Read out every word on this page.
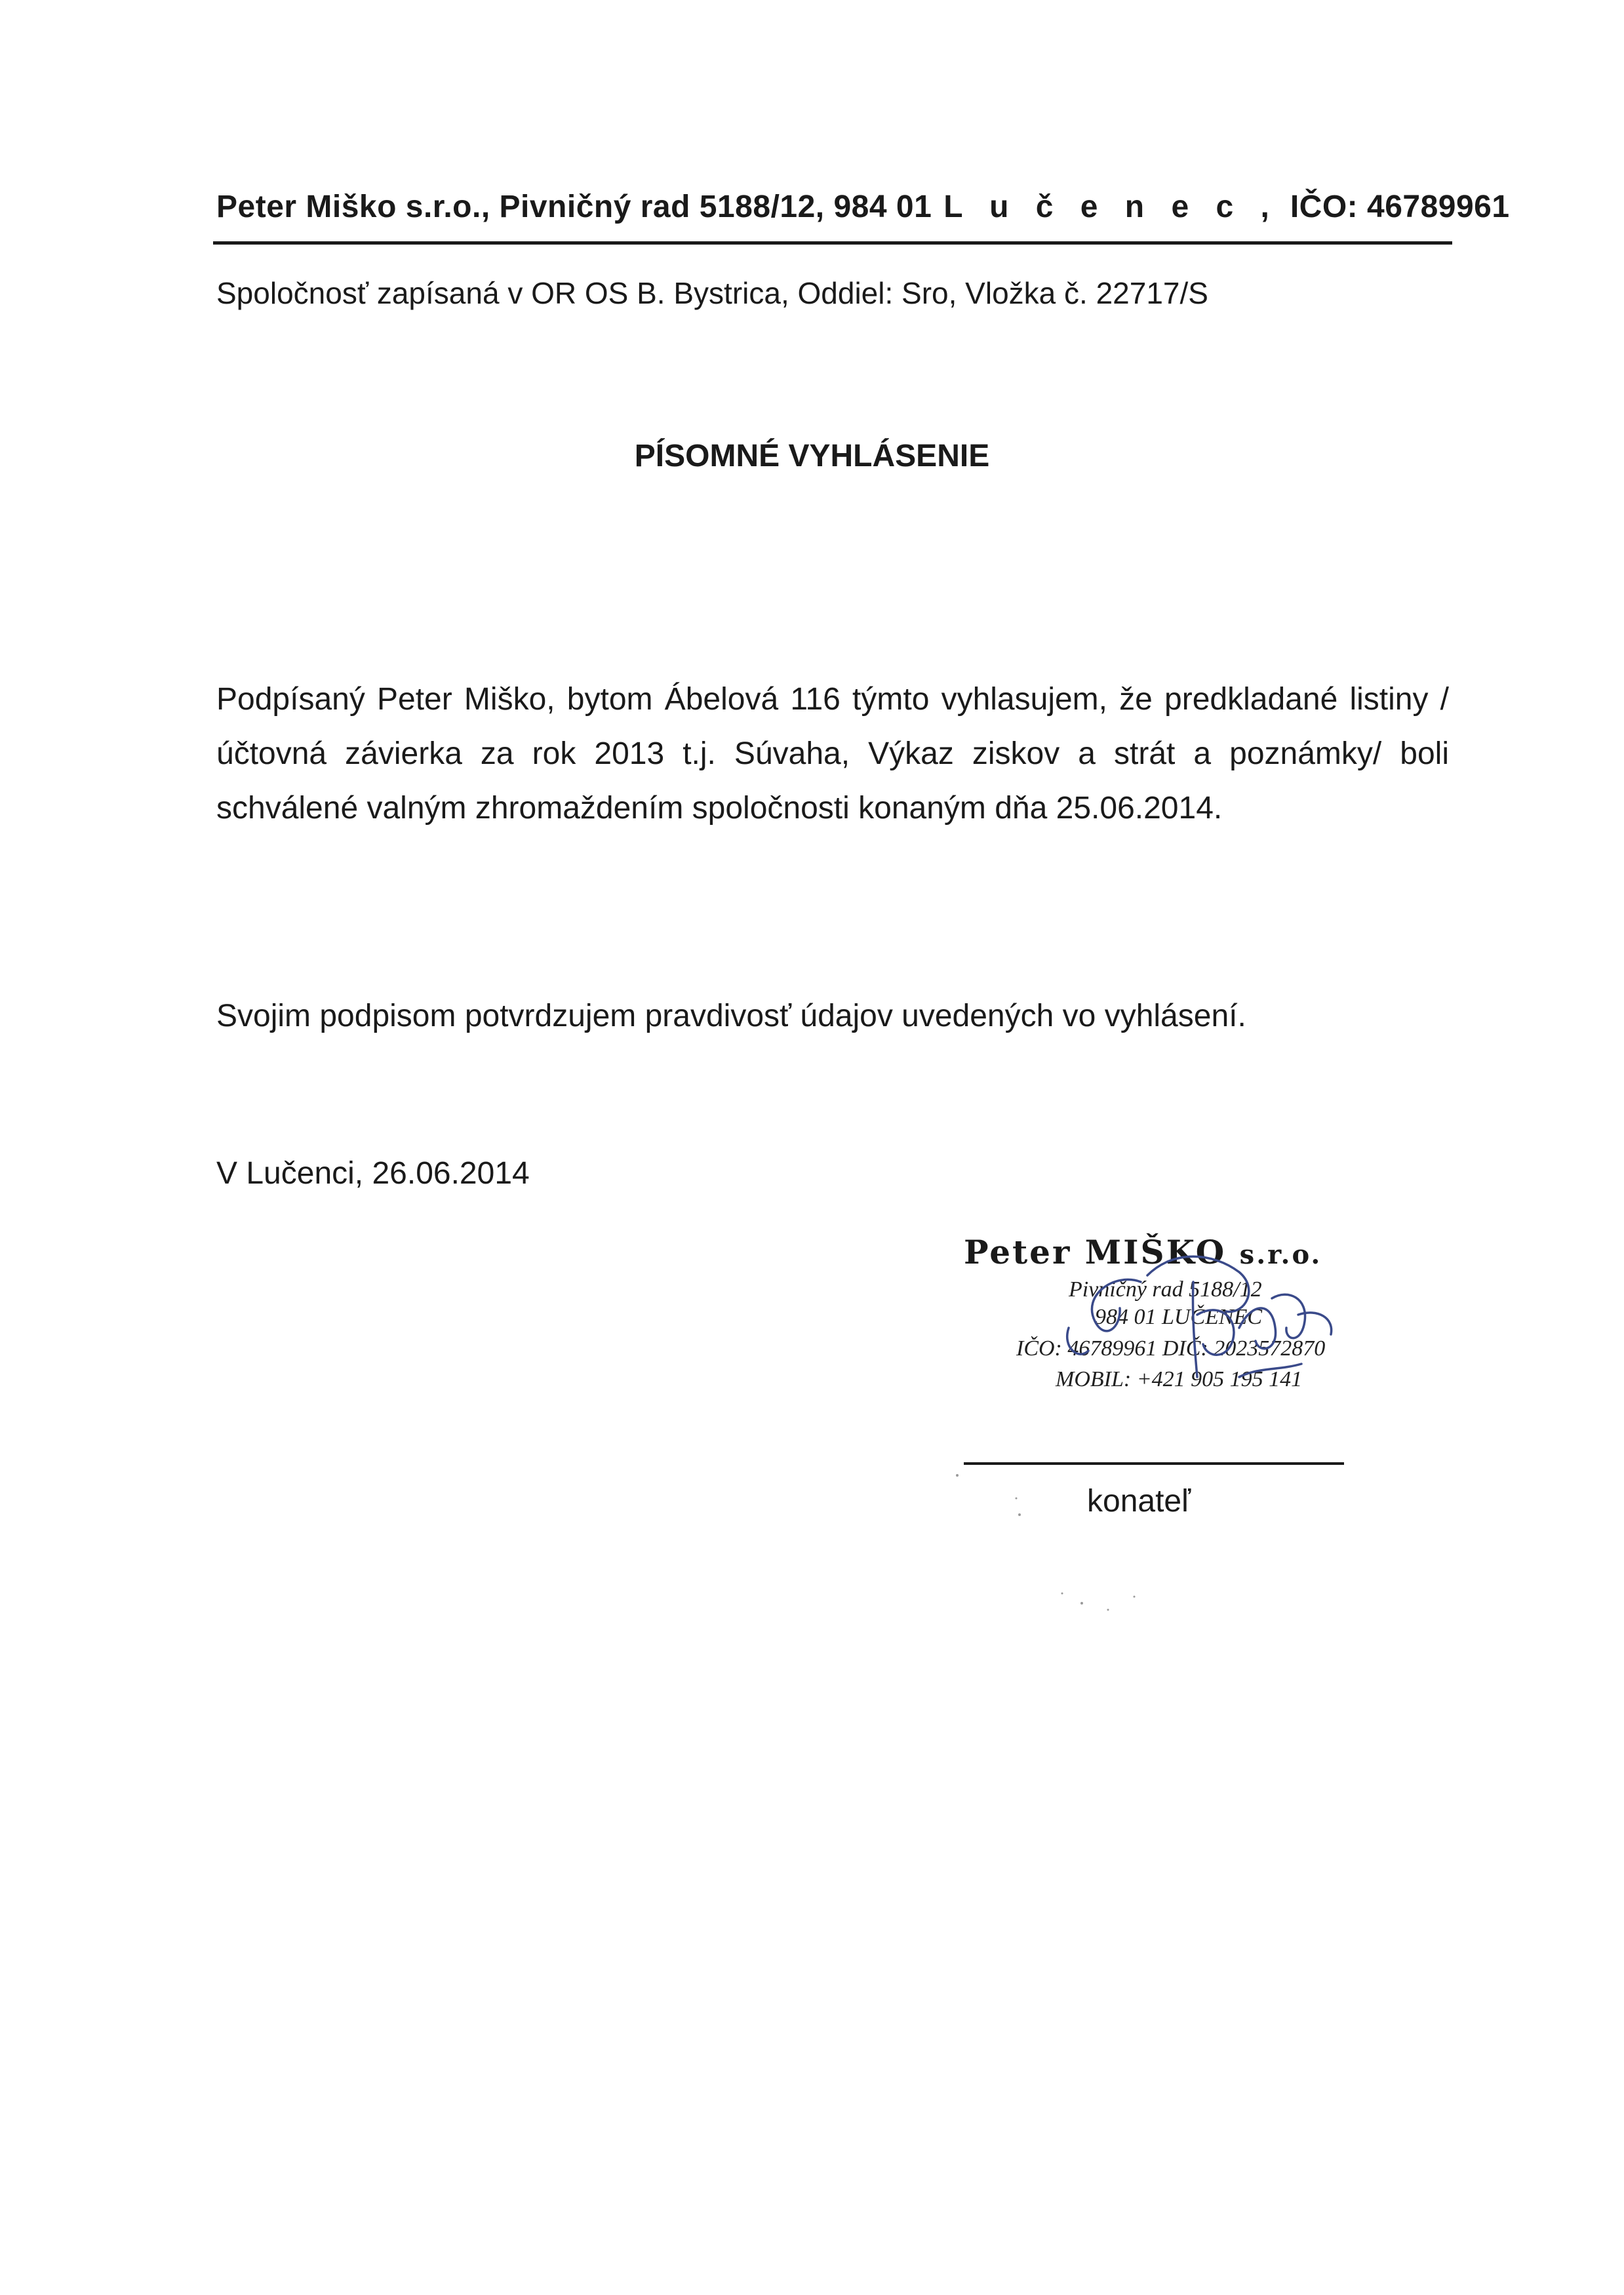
Peter Miško s.r.o., Pivničný rad 5188/12, 984 01 L u č e n e c , IČO: 46789961
Spoločnosť zapísaná v OR OS B. Bystrica, Oddiel: Sro, Vložka č. 22717/S
PÍSOMNÉ VYHLÁSENIE
Podpísaný Peter Miško, bytom Ábelová 116 týmto vyhlasujem, že predkladané listiny /účtovná závierka za rok 2013 t.j. Súvaha, Výkaz ziskov a strát a poznámky/ boli schválené valným zhromaždením spoločnosti konaným dňa 25.06.2014.
Svojim podpisom potvrdzujem pravdivosť údajov uvedených vo vyhlásení.
V Lučenci, 26.06.2014
Peter MIŠKO s.r.o.
Pivničný rad 5188/12
984 01 LUČENEC
IČO: 46789961 DIČ: 2023572870
MOBIL: +421 905 195 141
konateľ
